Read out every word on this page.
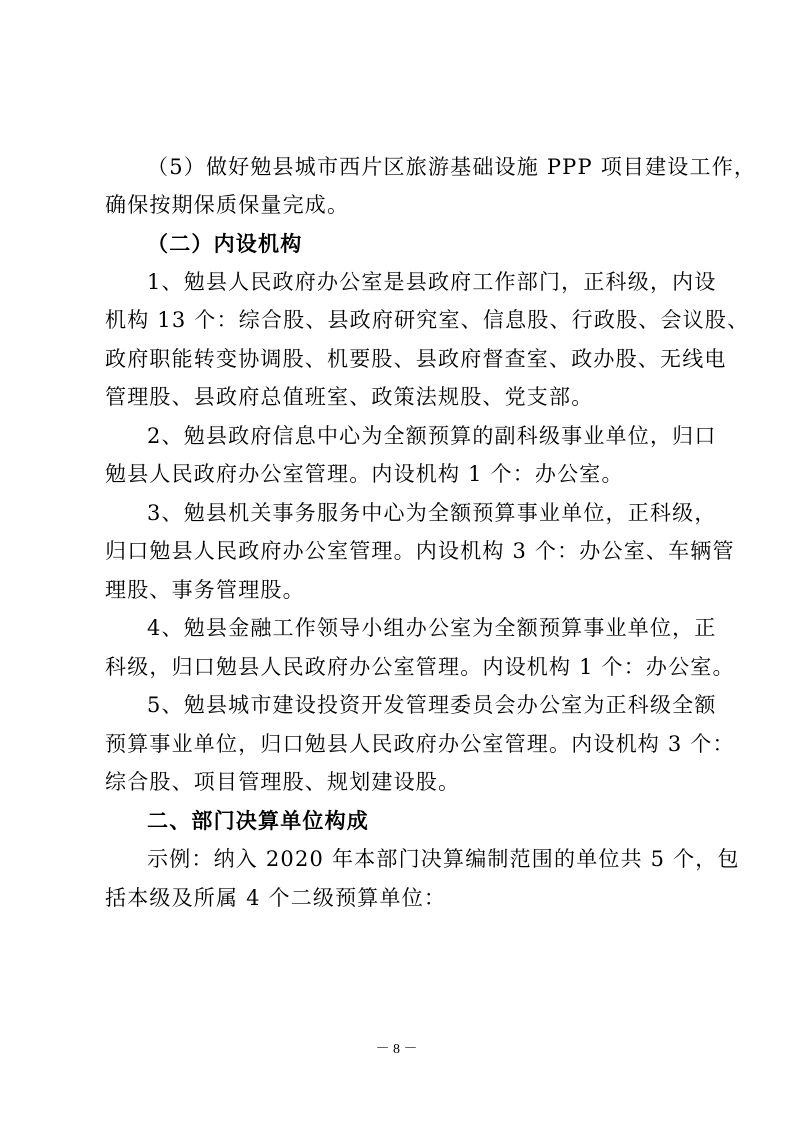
（5）做好勉县城市西片区旅游基础设施 PPP 项目建设工作，
确保按期保质保量完成。
（二）内设机构
1、勉县人民政府办公室是县政府工作部门，正科级，内设
机构 13 个：综合股、县政府研究室、信息股、行政股、会议股、
政府职能转变协调股、机要股、县政府督查室、政办股、无线电
管理股、县政府总值班室、政策法规股、党支部。
2、勉县政府信息中心为全额预算的副科级事业单位，归口
勉县人民政府办公室管理。内设机构 1 个：办公室。
3、勉县机关事务服务中心为全额预算事业单位，正科级，
归口勉县人民政府办公室管理。内设机构 3 个：办公室、车辆管
理股、事务管理股。
4、勉县金融工作领导小组办公室为全额预算事业单位，正
科级，归口勉县人民政府办公室管理。内设机构 1 个：办公室。
5、勉县城市建设投资开发管理委员会办公室为正科级全额
预算事业单位，归口勉县人民政府办公室管理。内设机构 3 个：
综合股、项目管理股、规划建设股。
二、部门决算单位构成
示例：纳入 2020 年本部门决算编制范围的单位共 5 个，包
括本级及所属 4 个二级预算单位：
－ 8 －
